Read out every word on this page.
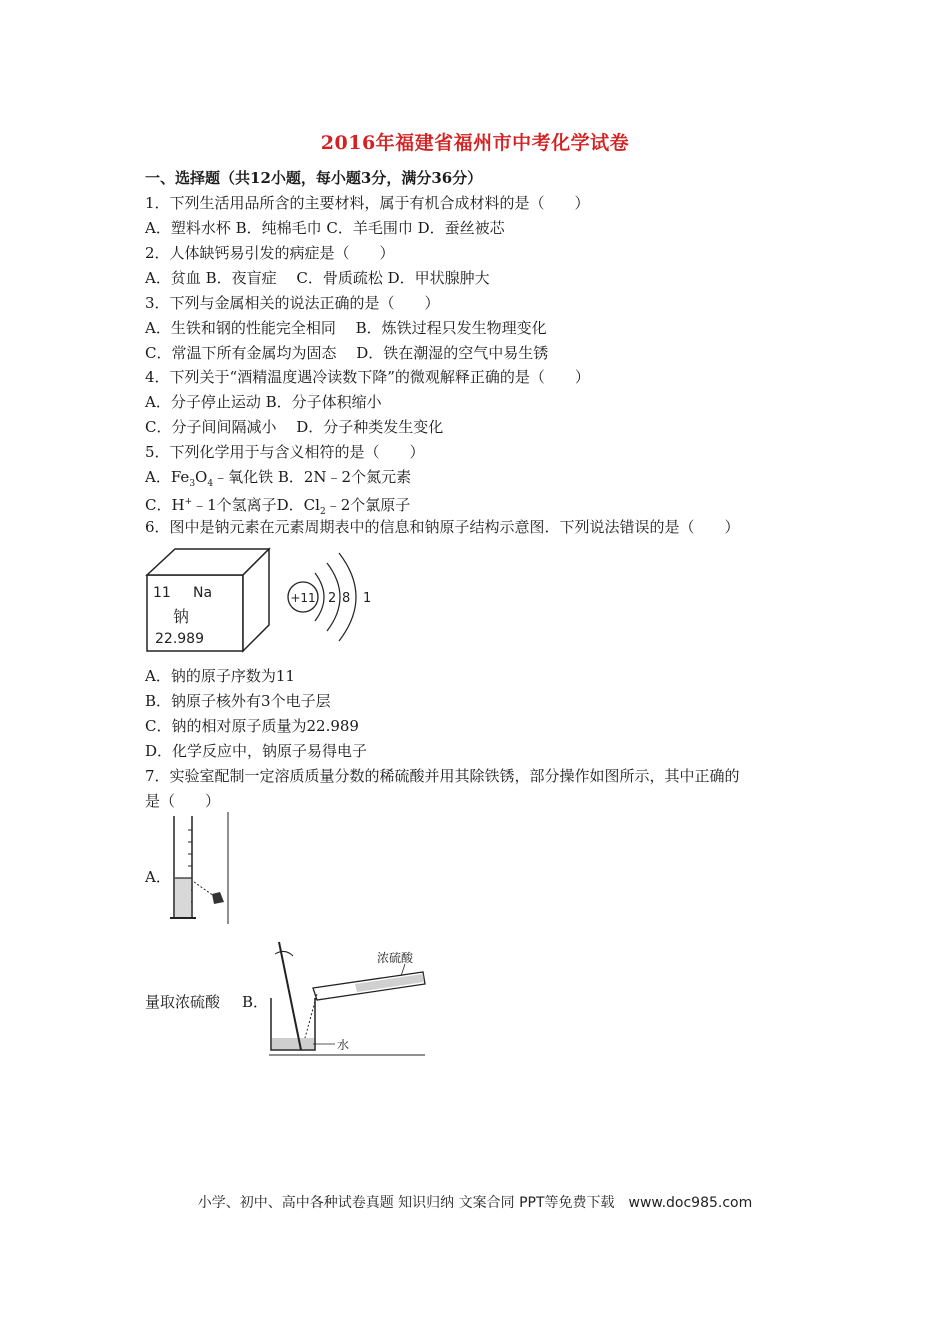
2016年福建省福州市中考化学试卷
一、选择题（共12小题，每小题3分，满分36分）
1．下列生活用品所含的主要材料，属于有机合成材料的是（　　）
A．塑料水杯 B．纯棉毛巾 C．羊毛围巾 D．蚕丝被芯
2．人体缺钙易引发的病症是（　　）
A．贫血 B．夜盲症　 C．骨质疏松 D．甲状腺肿大
3．下列与金属相关的说法正确的是（　　）
A．生铁和钢的性能完全相同　 B．炼铁过程只发生物理变化
C．常温下所有金属均为固态　 D．铁在潮湿的空气中易生锈
4．下列关于“酒精温度遇冷读数下降”的微观解释正确的是（　　）
A．分子停止运动 B．分子体积缩小
C．分子间间隔减小　 D．分子种类发生变化
5．下列化学用于与含义相符的是（　　）
A．$Fe_3O_4﹣$氧化铁 B．2N﹣2个氮元素
C．H+﹣1个氢离子D．$Cl_2﹣2$个氯原子
6．图中是钠元素在元素周期表中的信息和钠原子结构示意图．下列说法错误的是（　　）
11 Na
钠
22.989
+11 2 8 1
A．钠的原子序数为11
B．钠原子核外有3个电子层
C．钠的相对原子质量为22.989
D．化学反应中，钠原子易得电子
7．实验室配制一定溶质质量分数的稀硫酸并用其除铁锈，部分操作如图所示，其中正确的
是（　　）
A．
量取浓硫酸 B．
浓硫酸
水
小学、初中、高中各种试卷真题 知识归纳 文案合同 PPT等免费下载　www.doc985.com
